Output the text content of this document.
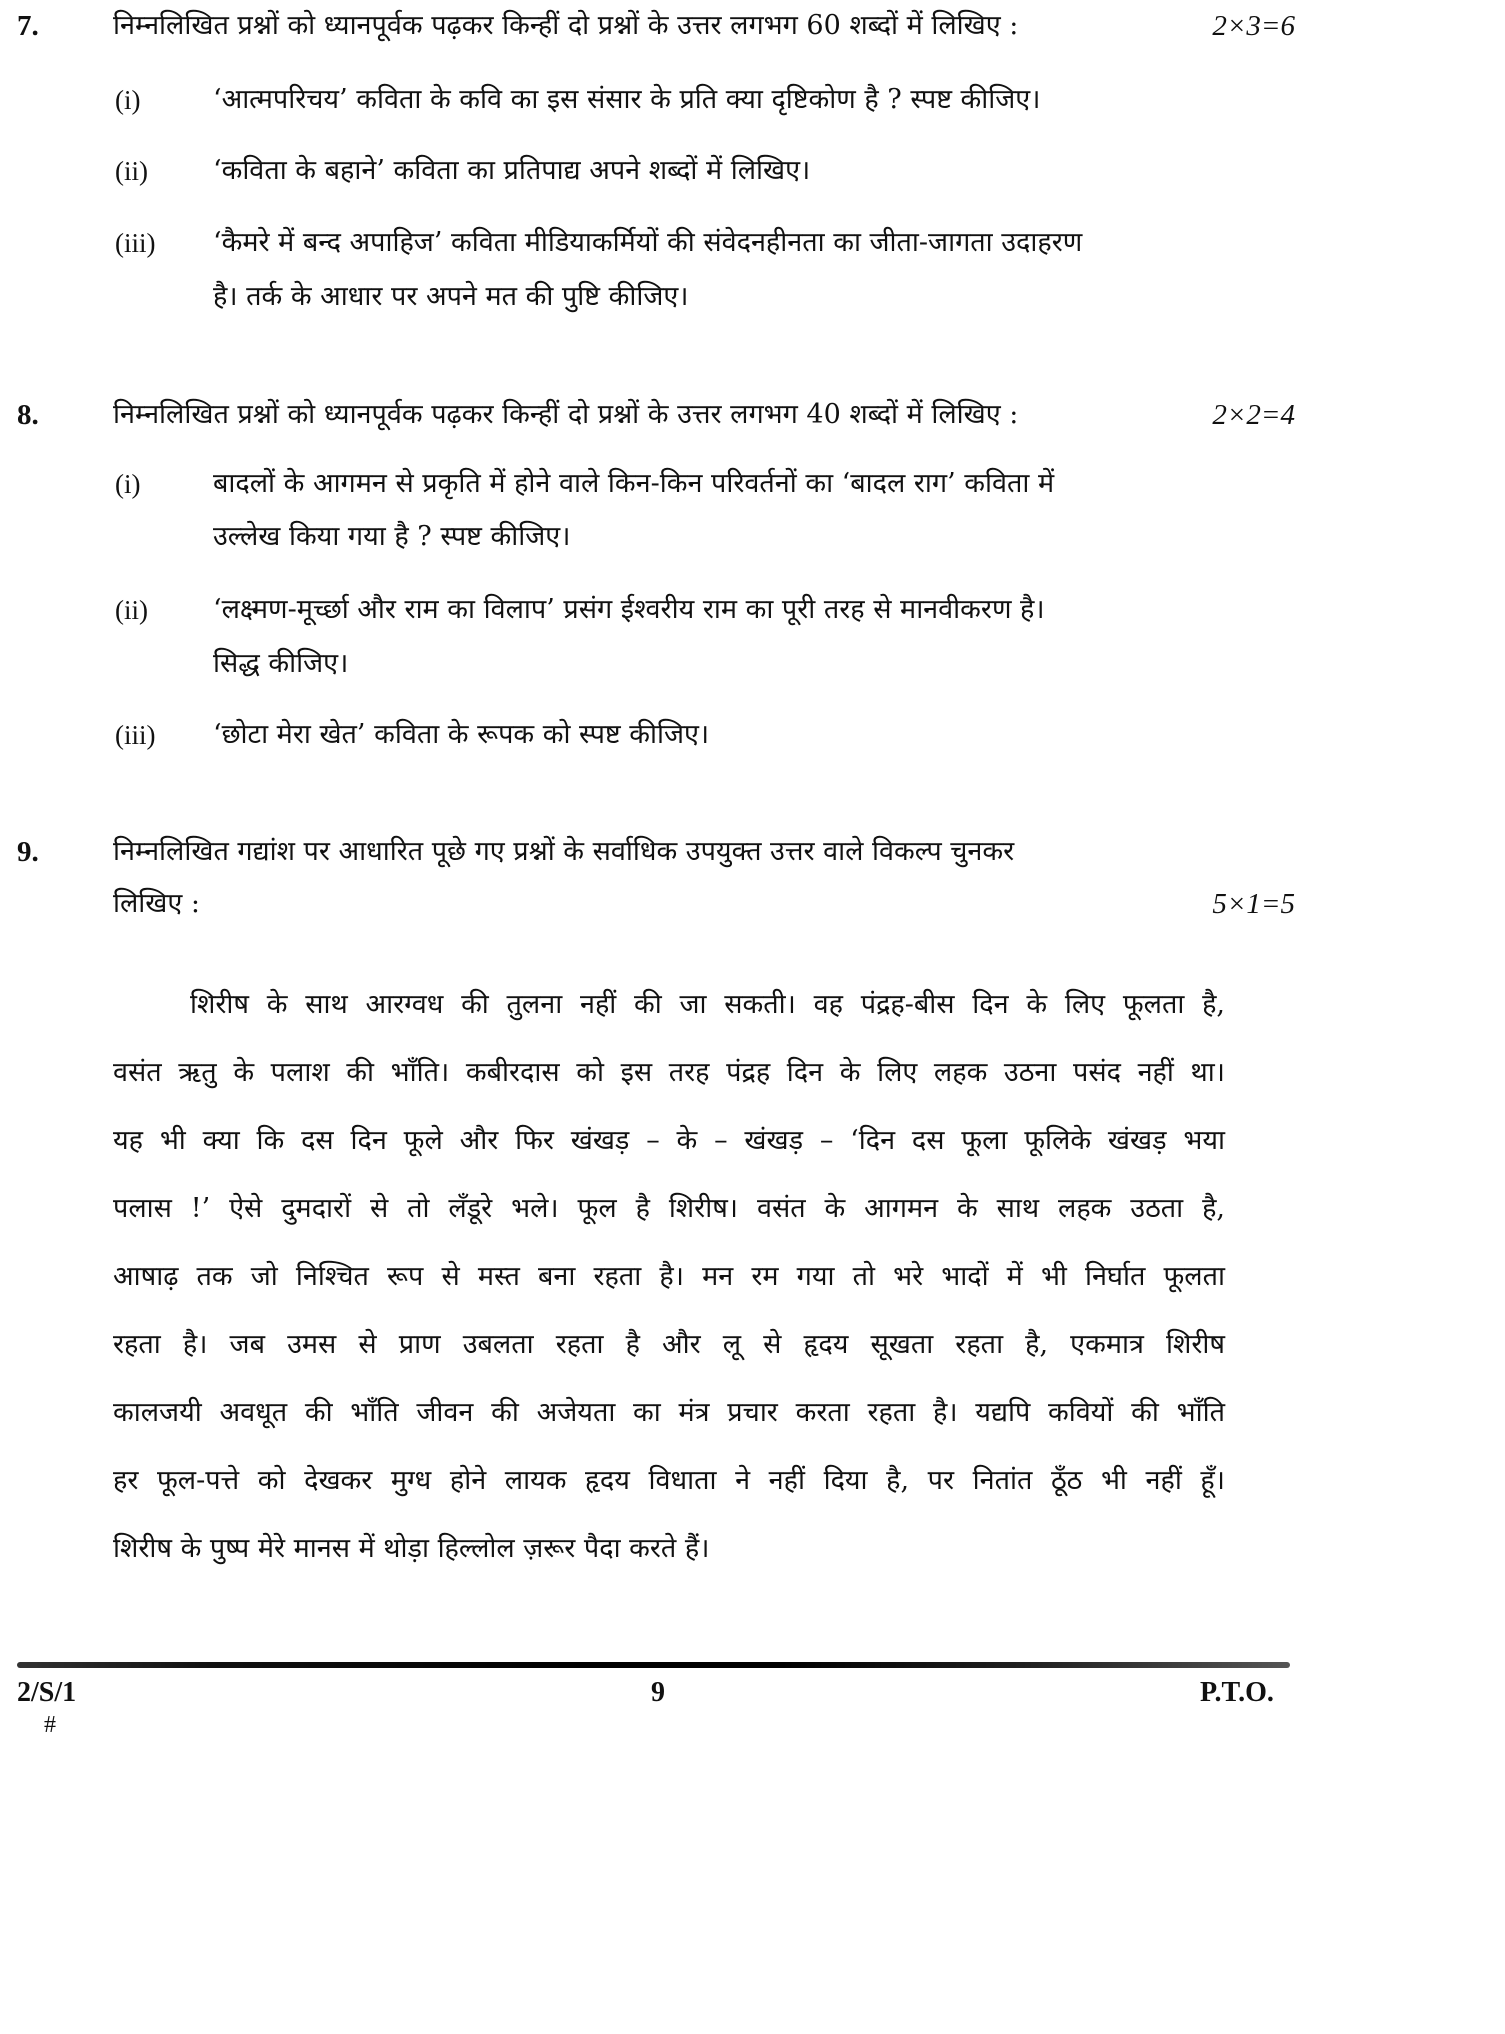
7.	निम्नलिखित प्रश्नों को ध्यानपूर्वक पढ़कर किन्हीं दो प्रश्नों के उत्तर लगभग 60 शब्दों में लिखिए :	2×3=6
(i)	‘आत्मपरिचय’ कविता के कवि का इस संसार के प्रति क्या दृष्टिकोण है ? स्पष्ट कीजिए।
(ii) ‘कविता के बहाने’ कविता का प्रतिपाद्य अपने शब्दों में लिखिए।
(iii) ‘कैमरे में बन्द अपाहिज’ कविता मीडियाकर्मियों की संवेदनहीनता का जीता-जागता उदाहरण
है। तर्क के आधार पर अपने मत की पुष्टि कीजिए।
8.	निम्नलिखित प्रश्नों को ध्यानपूर्वक पढ़कर किन्हीं दो प्रश्नों के उत्तर लगभग 40 शब्दों में लिखिए :	2×2=4
(i)	बादलों के आगमन से प्रकृति में होने वाले किन-किन परिवर्तनों का ‘बादल राग’ कविता में
उल्लेख किया गया है ? स्पष्ट कीजिए।
(ii) ‘लक्ष्मण-मूर्च्छा और राम का विलाप’ प्रसंग ईश्वरीय राम का पूरी तरह से मानवीकरण है।
सिद्ध कीजिए।
(iii) ‘छोटा मेरा खेत’ कविता के रूपक को स्पष्ट कीजिए।
9.	निम्नलिखित गद्यांश पर आधारित पूछे गए प्रश्नों के सर्वाधिक उपयुक्त उत्तर वाले विकल्प चुनकर
लिखिए :	5×1=5
शिरीष के साथ आरग्वध की तुलना नहीं की जा सकती। वह पंद्रह-बीस दिन के लिए फूलता है,
वसंत ऋतु के पलाश की भाँति। कबीरदास को इस तरह पंद्रह दिन के लिए लहक उठना पसंद नहीं था।
यह भी क्या कि दस दिन फूले और फिर खंखड़ – के – खंखड़ – ‘दिन दस फूला फूलिके खंखड़ भया
पलास !’ ऐसे दुमदारों से तो लँडूरे भले। फूल है शिरीष। वसंत के आगमन के साथ लहक उठता है,
आषाढ़ तक जो निश्चित रूप से मस्त बना रहता है। मन रम गया तो भरे भादों में भी निर्घात फूलता
रहता है। जब उमस से प्राण उबलता रहता है और लू से हृदय सूखता रहता है, एकमात्र शिरीष
कालजयी अवधूत की भाँति जीवन की अजेयता का मंत्र प्रचार करता रहता है। यद्यपि कवियों की भाँति
हर फूल-पत्ते को देखकर मुग्ध होने लायक हृदय विधाता ने नहीं दिया है, पर नितांत ठूँठ भी नहीं हूँ।
शिरीष के पुष्प मेरे मानस में थोड़ा हिल्लोल ज़रूर पैदा करते हैं।
2/S/1
#
9	P.T.O.
